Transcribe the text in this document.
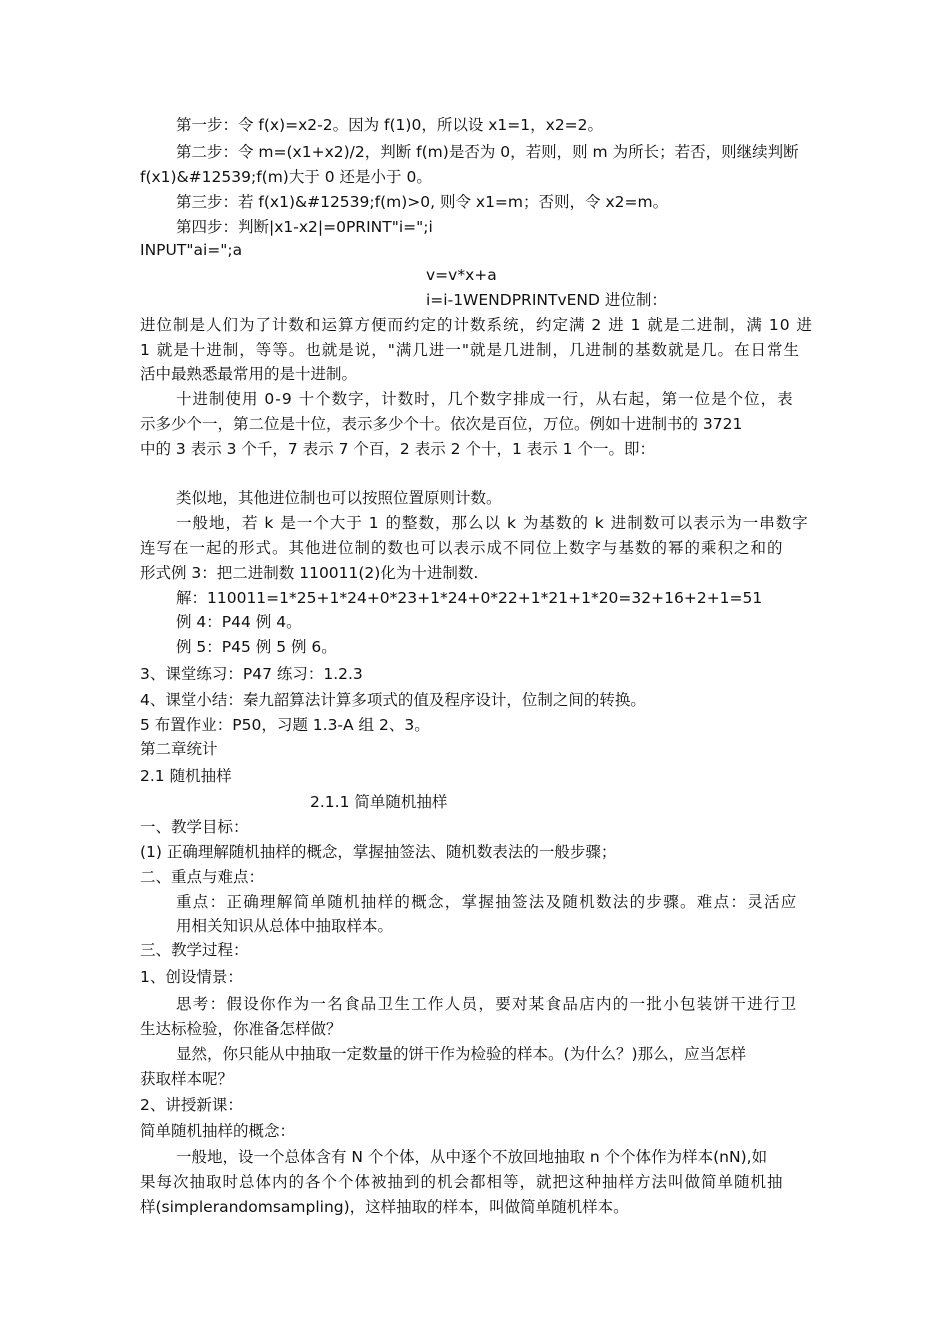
第一步：令 f(x)=x2-2。因为 f(1)0，所以设 x1=1，x2=2。
第二步：令 m=(x1+x2)/2，判断 f(m)是否为 0，若则，则 m 为所长；若否，则继续判断
f(x1)&#12539;f(m)大于 0 还是小于 0。
第三步：若 f(x1)&#12539;f(m)>0, 则令 x1=m；否则，令 x2=m。
第四步：判断|x1-x2|=0PRINT"i=";i
INPUT"ai=";a
v=v*x+a
i=i-1WENDPRINTvEND 进位制：
进位制是人们为了计数和运算方便而约定的计数系统，约定满 2 进 1 就是二进制，满 10 进
1 就是十进制，等等。也就是说，"满几进一"就是几进制，几进制的基数就是几。在日常生
活中最熟悉最常用的是十进制。
十进制使用 0-9 十个数字，计数时，几个数字排成一行，从右起，第一位是个位，表
示多少个一，第二位是十位，表示多少个十。依次是百位，万位。例如十进制书的 3721
中的 3 表示 3 个千，7 表示 7 个百，2 表示 2 个十，1 表示 1 个一。即：
类似地，其他进位制也可以按照位置原则计数。
一般地，若 k 是一个大于 1 的整数，那么以 k 为基数的 k 进制数可以表示为一串数字
连写在一起的形式。其他进位制的数也可以表示成不同位上数字与基数的幂的乘积之和的
形式例 3：把二进制数 110011(2)化为十进制数.
解：110011=1*25+1*24+0*23+1*24+0*22+1*21+1*20=32+16+2+1=51
例 4：P44 例 4。
例 5：P45 例 5 例 6。
3、课堂练习：P47 练习：1.2.3
4、课堂小结：秦九韶算法计算多项式的值及程序设计，位制之间的转换。
5 布置作业：P50，习题 1.3-A 组 2、3。
第二章统计
2.1 随机抽样
2.1.1 简单随机抽样
一、教学目标：
(1) 正确理解随机抽样的概念，掌握抽签法、随机数表法的一般步骤；
二、重点与难点：
重点：正确理解简单随机抽样的概念，掌握抽签法及随机数法的步骤。难点：灵活应
用相关知识从总体中抽取样本。
三、教学过程：
1、创设情景：
思考：假设你作为一名食品卫生工作人员，要对某食品店内的一批小包装饼干进行卫
生达标检验，你准备怎样做？
显然，你只能从中抽取一定数量的饼干作为检验的样本。(为什么？)那么，应当怎样
获取样本呢？
2、讲授新课：
简单随机抽样的概念：
一般地，设一个总体含有 N 个个体，从中逐个不放回地抽取 n 个个体作为样本(nN),如
果每次抽取时总体内的各个个体被抽到的机会都相等，就把这种抽样方法叫做简单随机抽
样(simplerandomsampling)，这样抽取的样本，叫做简单随机样本。
